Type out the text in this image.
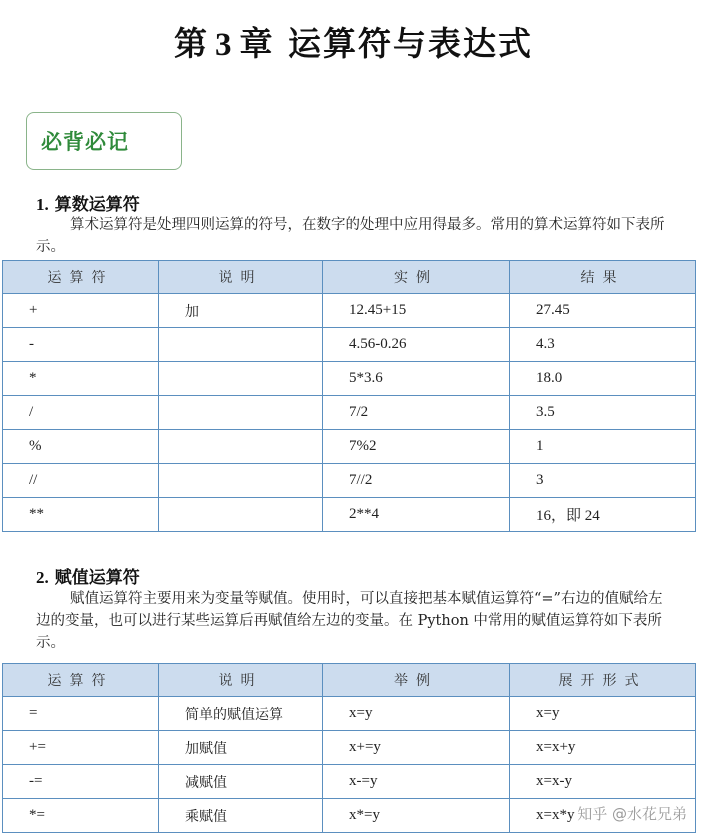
第 3 章 运算符与表达式
必背必记
1. 算数运算符
算术运算符是处理四则运算的符号，在数字的处理中应用得最多。常用的算术运算符如下表所示。
运算符	说明	实例	结果
+	加	12.45+15	27.45
-		4.56-0.26	4.3
*		5*3.6	18.0
/		7/2	3.5
%		7%2	1
//		7//2	3
**		2**4	16，即 24
2. 赋值运算符
赋值运算符主要用来为变量等赋值。使用时，可以直接把基本赋值运算符“=”右边的值赋给左边的变量，也可以进行某些运算后再赋值给左边的变量。在 Python 中常用的赋值运算符如下表所示。
运算符	说明	举例	展开形式
=	简单的赋值运算	x=y	x=y
+=	加赋值	x+=y	x=x+y
-=	减赋值	x-=y	x=x-y
*=	乘赋值	x*=y	x=x*y 知乎 @水花兄弟
